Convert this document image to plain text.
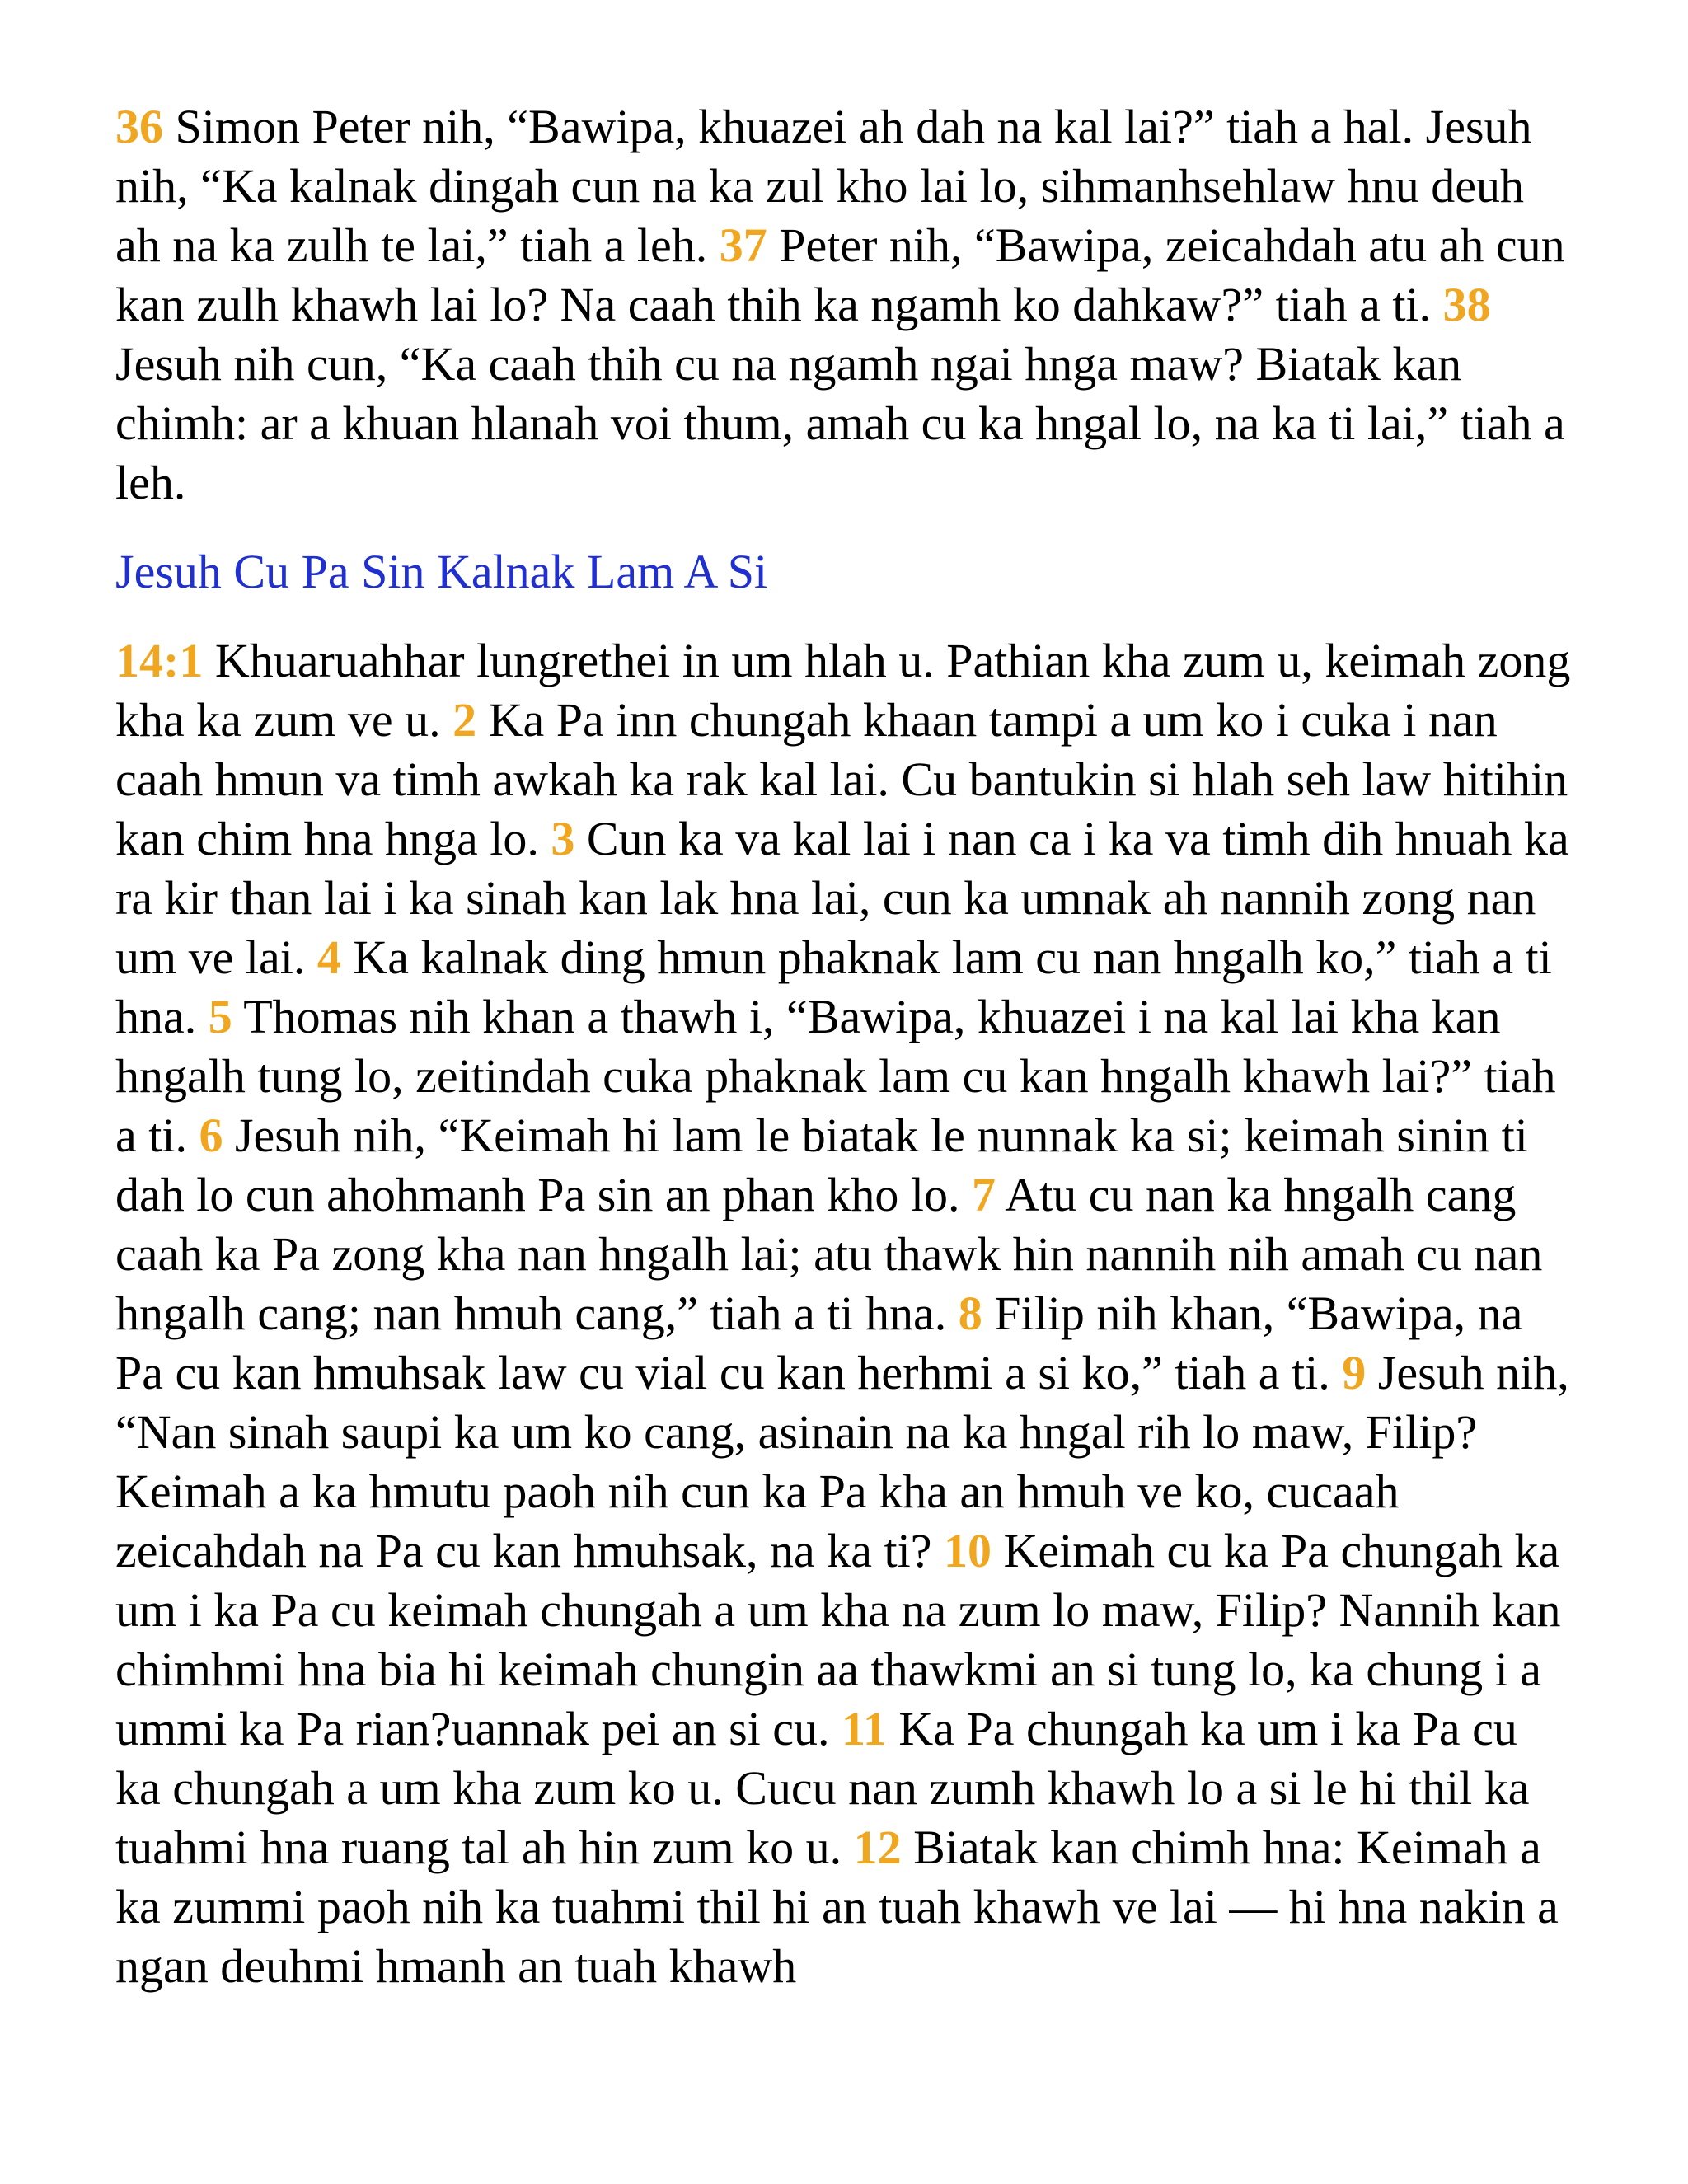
36 Simon Peter nih, “Bawipa, khuazei ah dah na kal lai?” tiah a hal. Jesuh nih, “Ka kalnak dingah cun na ka zul kho lai lo, sihmanhsehlaw hnu deuh ah na ka zulh te lai,” tiah a leh. 37 Peter nih, “Bawipa, zeicahdah atu ah cun kan zulh khawh lai lo? Na caah thih ka ngamh ko dahkaw?” tiah a ti. 38 Jesuh nih cun, “Ka caah thih cu na ngamh ngai hnga maw? Biatak kan chimh: ar a khuan hlanah voi thum, amah cu ka hngal lo, na ka ti lai,” tiah a leh.

Jesuh Cu Pa Sin Kalnak Lam A Si

14:1 Khuaruahhar lungrethei in um hlah u. Pathian kha zum u, keimah zong kha ka zum ve u. 2 Ka Pa inn chungah khaan tampi a um ko i cuka i nan caah hmun va timh awkah ka rak kal lai. Cu bantukin si hlah seh law hitihin kan chim hna hnga lo. 3 Cun ka va kal lai i nan ca i ka va timh dih hnuah ka ra kir than lai i ka sinah kan lak hna lai, cun ka umnak ah nannih zong nan um ve lai. 4 Ka kalnak ding hmun phaknak lam cu nan hngalh ko,” tiah a ti hna. 5 Thomas nih khan a thawh i, “Bawipa, khuazei i na kal lai kha kan hngalh tung lo, zeitindah cuka phaknak lam cu kan hngalh khawh lai?” tiah a ti. 6 Jesuh nih, “Keimah hi lam le biatak le nunnak ka si; keimah sinin ti dah lo cun ahohmanh Pa sin an phan kho lo. 7 Atu cu nan ka hngalh cang caah ka Pa zong kha nan hngalh lai; atu thawk hin nannih nih amah cu nan hngalh cang; nan hmuh cang,” tiah a ti hna. 8 Filip nih khan, “Bawipa, na Pa cu kan hmuhsak law cu vial cu kan herhmi a si ko,” tiah a ti. 9 Jesuh nih, “Nan sinah saupi ka um ko cang, asinain na ka hngal rih lo maw, Filip? Keimah a ka hmutu paoh nih cun ka Pa kha an hmuh ve ko, cucaah zeicahdah na Pa cu kan hmuhsak, na ka ti? 10 Keimah cu ka Pa chungah ka um i ka Pa cu keimah chungah a um kha na zum lo maw, Filip? Nannih kan chimhmi hna bia hi keimah chungin aa thawkmi an si tung lo, ka chung i a ummi ka Pa rian?uannak pei an si cu. 11 Ka Pa chungah ka um i ka Pa cu ka chungah a um kha zum ko u. Cucu nan zumh khawh lo a si le hi thil ka tuahmi hna ruang tal ah hin zum ko u. 12 Biatak kan chimh hna: Keimah a ka zummi paoh nih ka tuahmi thil hi an tuah khawh ve lai — hi hna nakin a ngan deuhmi hmanh an tuah khawh
